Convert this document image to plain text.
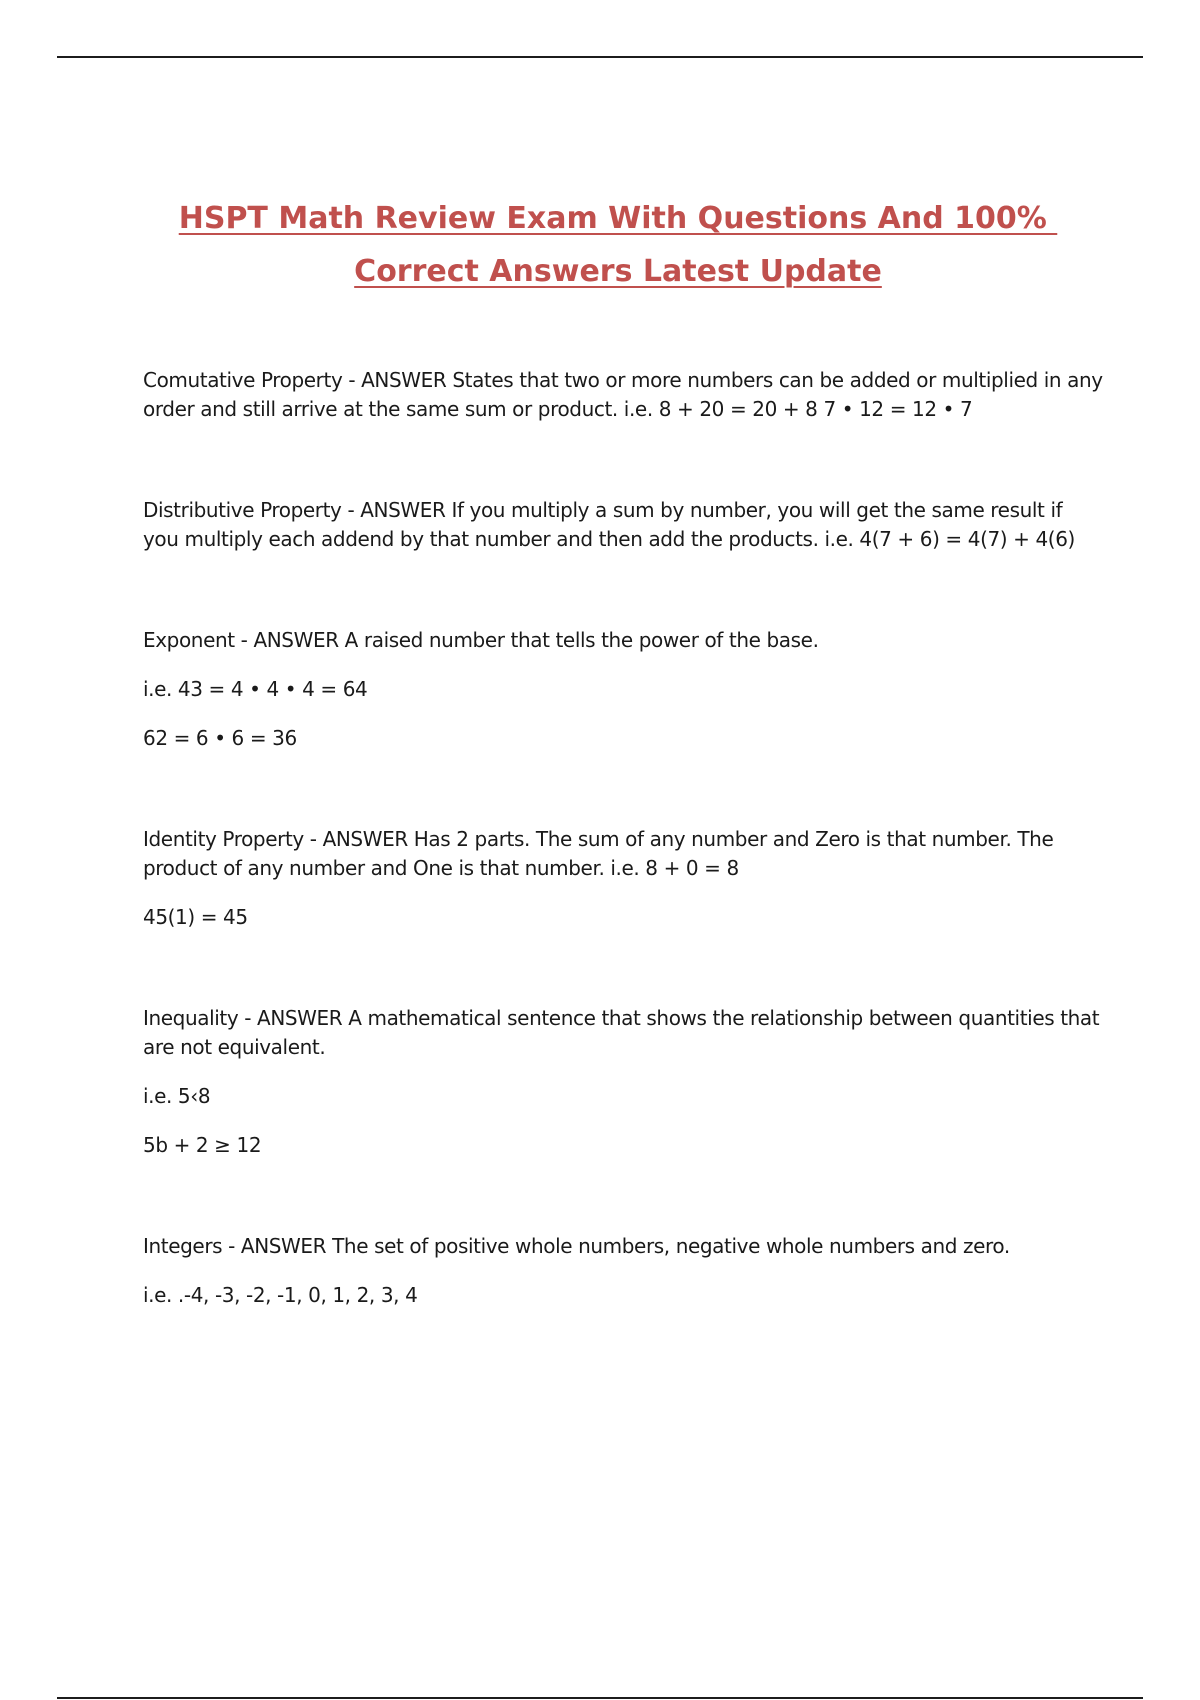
HSPT Math Review Exam With Questions And 100%
Correct Answers Latest Update

Comutative Property - ANSWER States that two or more numbers can be added or multiplied in any order and still arrive at the same sum or product. i.e. 8 + 20 = 20 + 8 7 • 12 = 12 • 7

Distributive Property - ANSWER If you multiply a sum by number, you will get the same result if you multiply each addend by that number and then add the products. i.e. 4(7 + 6) = 4(7) + 4(6)

Exponent - ANSWER A raised number that tells the power of the base.

i.e. 43 = 4 • 4 • 4 = 64

62 = 6 • 6 = 36

Identity Property - ANSWER Has 2 parts. The sum of any number and Zero is that number. The product of any number and One is that number. i.e. 8 + 0 = 8

45(1) = 45

Inequality - ANSWER A mathematical sentence that shows the relationship between quantities that are not equivalent.

i.e. 5‹8

5b + 2 ≥ 12

Integers - ANSWER The set of positive whole numbers, negative whole numbers and zero.

i.e. .-4, -3, -2, -1, 0, 1, 2, 3, 4
